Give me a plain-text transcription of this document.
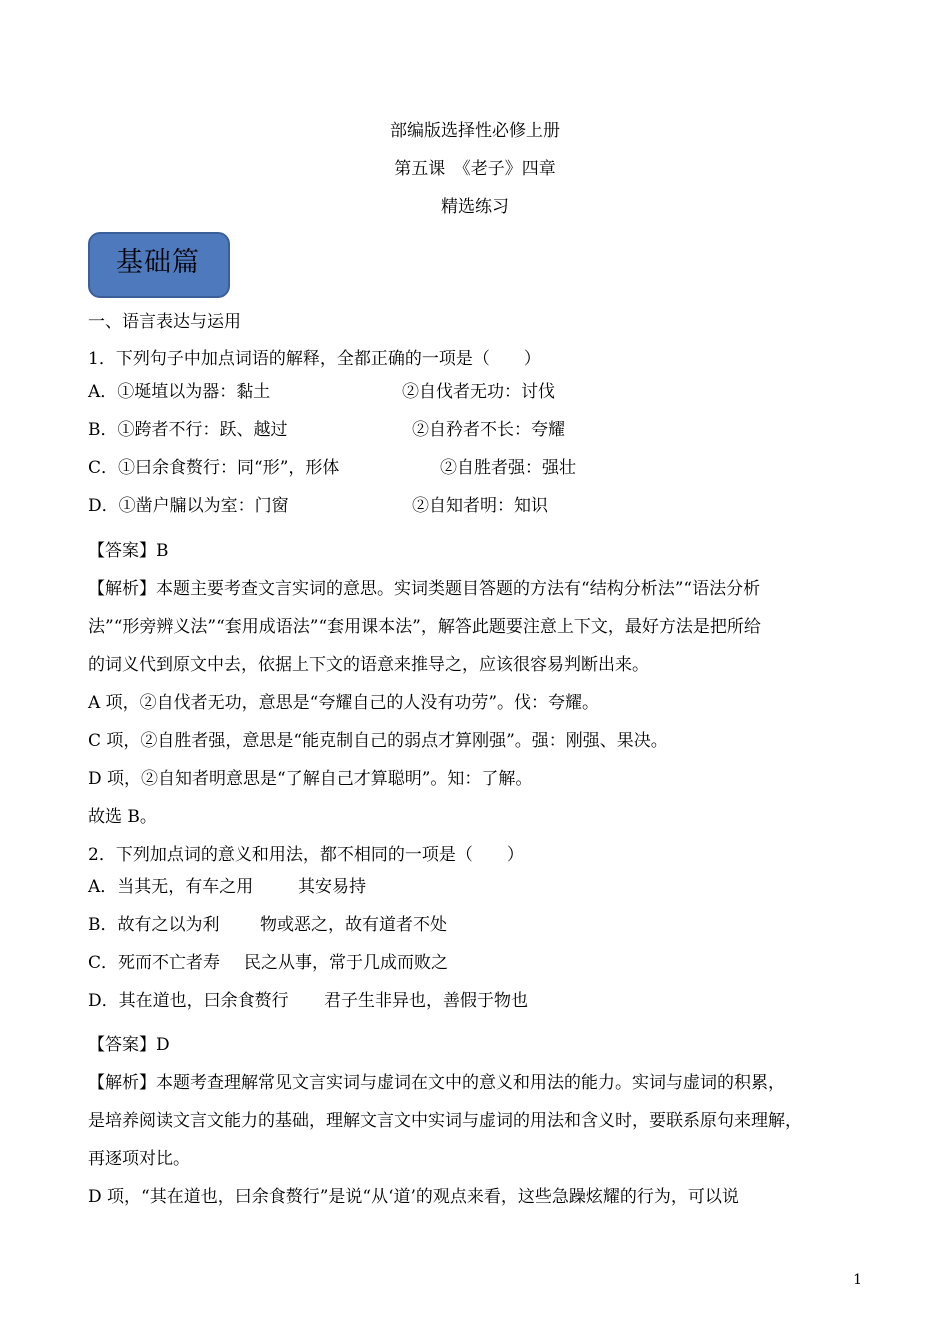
部编版选择性必修上册
第五课　《老子》四章
精选练习
基础篇
一、语言表达与运用
1．下列句子中加点词语的解释，全都正确的一项是（　　）
A．①埏埴以为器：黏土	②自伐者无功：讨伐
B．①跨者不行：跃、越过	②自矜者不长：夸耀
C．①曰余食赘行：同“形”，形体	②自胜者强：强壮
D．①凿户牖以为室：门窗	②自知者明：知识
【答案】B
【解析】本题主要考查文言实词的意思。实词类题目答题的方法有“结构分析法”“语法分析
法”“形旁辨义法”“套用成语法”“套用课本法”，解答此题要注意上下文，最好方法是把所给
的词义代到原文中去，依据上下文的语意来推导之，应该很容易判断出来。
A 项，②自伐者无功，意思是“夸耀自己的人没有功劳”。伐：夸耀。
C 项，②自胜者强，意思是“能克制自己的弱点才算刚强”。强：刚强、果决。
D 项，②自知者明意思是“了解自己才算聪明”。知：了解。
故选 B。
2．下列加点词的意义和用法，都不相同的一项是（　　）
A．当其无，有车之用	其安易持
B．故有之以为利 物或恶之，故有道者不处
C．死而不亡者寿 民之从事，常于几成而败之
D．其在道也，曰余食赘行 君子生非异也，善假于物也
【答案】D
【解析】本题考查理解常见文言实词与虚词在文中的意义和用法的能力。实词与虚词的积累，
是培养阅读文言文能力的基础，理解文言文中实词与虚词的用法和含义时，要联系原句来理解，
再逐项对比。
D 项，“其在道也，曰余食赘行”是说“从‘道’的观点来看，这些急躁炫耀的行为，可以说
1
